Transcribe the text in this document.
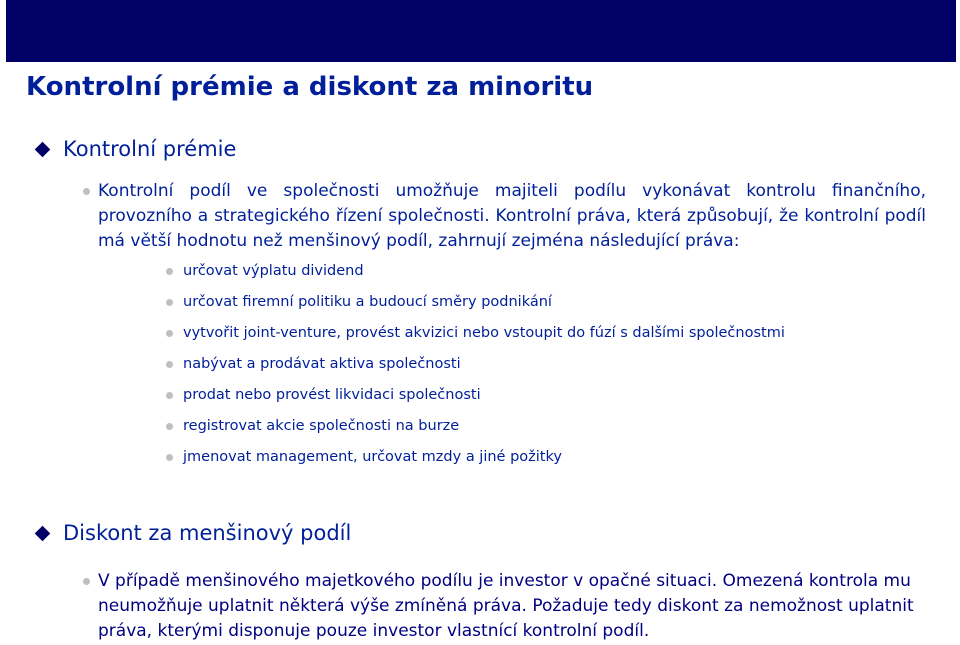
Kontrolní prémie a diskont za minoritu
Kontrolní prémie
Kontrolní podíl ve společnosti umožňuje majiteli podílu vykonávat kontrolu finančního, provozního a strategického řízení společnosti. Kontrolní práva, která způsobují, že kontrolní podíl má větší hodnotu než menšinový podíl, zahrnují zejména následující práva:
určovat výplatu dividend
určovat firemní politiku a budoucí směry podnikání
vytvořit joint-venture, provést akvizici nebo vstoupit do fúzí s dalšími společnostmi
nabývat a prodávat aktiva společnosti
prodat nebo provést likvidaci společnosti
registrovat akcie společnosti na burze
jmenovat management, určovat mzdy a jiné požitky
Diskont za menšinový podíl
V případě menšinového majetkového podílu je investor v opačné situaci. Omezená kontrola mu neumožňuje uplatnit některá výše zmíněná práva. Požaduje tedy diskont za nemožnost uplatnit práva, kterými disponuje pouze investor vlastnící kontrolní podíl.
